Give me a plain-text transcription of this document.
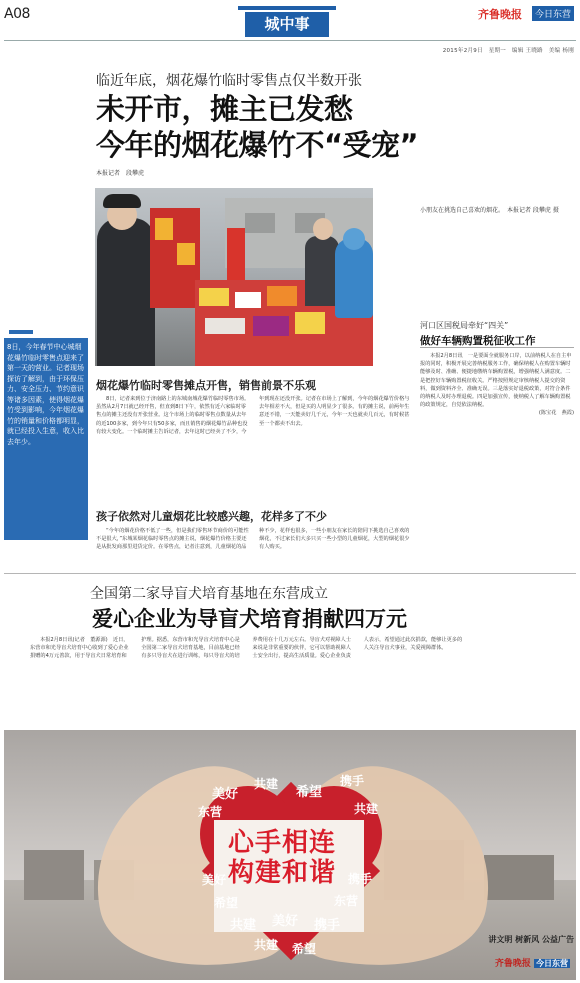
A08
城中事
齐鲁晚报	今日东营
2015年2月9日　星期一　编辑 王晓路　美编 杨刚
临近年底，烟花爆竹临时零售点仅半数开张
未开市，摊主已发愁
今年的烟花爆竹不“受宠”
本报记者　段攀虎
小朋友在挑选自己喜欢的烟花。　本报记者 段攀虎 摄
8日，今年春节中心城烟花爆竹临时零售点迎来了第一天的营业。记者现场探访了解到，由于环保压力、安全压力、节约意识等诸多因素，使得烟花爆竹受到影响，今年烟花爆竹的销量和价格都明显，就已经投入生意，收入比去年少。
烟花爆竹临时零售摊点开售，销售前景不乐观

8日，记者来到位于济南路上的东城南城花爆竹临时零售市场。虽然从2月7日就已经开售，但直到8日下午，依然有近六家临时零售点的摊主还没有开张营业。这个市场上的临时零售点数量从去年的近100多家，到今年只有50多家，而且销售的烟花爆竹品种也没有较大变化。一个临时摊主告诉记者，去年这时已经卖了不少，今年到现在还没开张。记者在市场上了解到，今年的烟花爆竹价格与去年相差不大，但是买的人明显少了很多。有的摊主说，前两年生意还不错，一天能卖好几千元，今年一天也就卖几百元，有时候甚至一个都卖不出去。

孩子依然对儿童烟花比较感兴趣，花样多了不少

“今年的烟花价格不低了一些，但是我们零售环节商价的可能性不是很大，”东城某烟花临时零售点的摊主说，烟花爆竹价格主要还是从批发商那里进货定价。在零售点，记者注意到，儿童烟花的品种不少，花样也很多，一些小朋友在家长的陪同下挑选自己喜欢的烟花，不过家长们大多只买一些小型的儿童烟花，大型的烟花很少有人购买。

河口区国税局牵好“四关”
做好车辆购置税征收工作

本报2月8日讯　一是要面全就服务口岸，以前纳税人在自主申报的同时，积极开展完善纳税服务工作，确保纳税人在购置车辆时能够及时、准确、便捷地缴纳车辆购置税，增强纳税人满意度。二是把控好车辆购置税征收关。严格按照规定审核纳税人提交的资料，做到资料齐全、准确无误。三是落实好退税政策，对符合条件的纳税人及时办理退税。四是加强宣传，使纳税人了解车辆购置税的政策规定，自觉依法纳税。

(陈宝花　燕霞)

全国第二家导盲犬培育基地在东营成立
爱心企业为导盲犬培育捐献四万元

本报2月8日讯(记者　董源源)　近日，东营市和光导盲犬培育中心收到了爱心企业捐赠的4万元善款，用于导盲犬日常培育和护理。据悉，东营市和光导盲犬培育中心是全国第二家导盲犬培育基地，目前基地已经有多只导盲犬在进行训练，每只导盲犬的培养费用在十几万元左右。导盲犬对视障人士来说是非常重要的伙伴，它可以帮助视障人士安全出行，提高生活质量。爱心企业负责人表示，希望通过此次捐款，能够让更多的人关注导盲犬事业，关爱视障群体。

美好
共建
希望
携手
东营	共建
美好	携手
希望	东营
共建 美好 携手
共建 希望
心手相连
构建和谐
讲文明 树新风 公益广告
齐鲁晚报 今日东营
